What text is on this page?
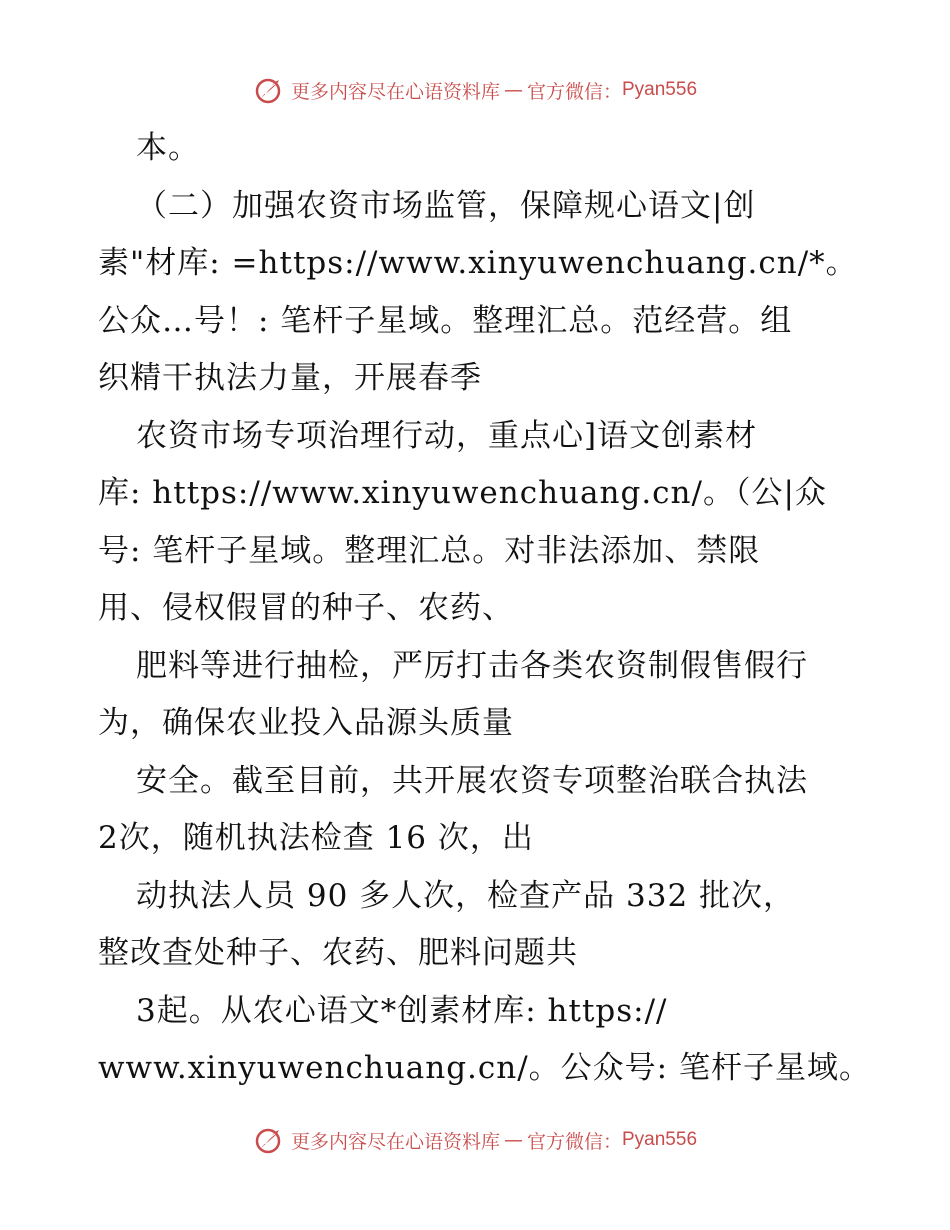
更多内容尽在心语资料库 — 官方微信： Pyan556
本。
（二）加强农资市场监管，保障规心语文|创
素"材库: =https://www.xinyuwenchuang.cn/*。
公众…号！: 笔杆子星域。整理汇总。范经营。组
织精干执法力量，开展春季
农资市场专项治理行动，重点心]语文创素材
库: https://www.xinyuwenchuang.cn/。（公|众
号: 笔杆子星域。整理汇总。对非法添加、禁限
用、侵权假冒的种子、农药、
肥料等进行抽检，严厉打击各类农资制假售假行
为，确保农业投入品源头质量
安全。截至目前，共开展农资专项整治联合执法
2次，随机执法检查 16 次，出
动执法人员 90 多人次，检查产品 332 批次，
整改查处种子、农药、肥料问题共
3起。从农心语文*创素材库: https://
www.xinyuwenchuang.cn/。公众号: 笔杆子星域。
更多内容尽在心语资料库 — 官方微信： Pyan556
